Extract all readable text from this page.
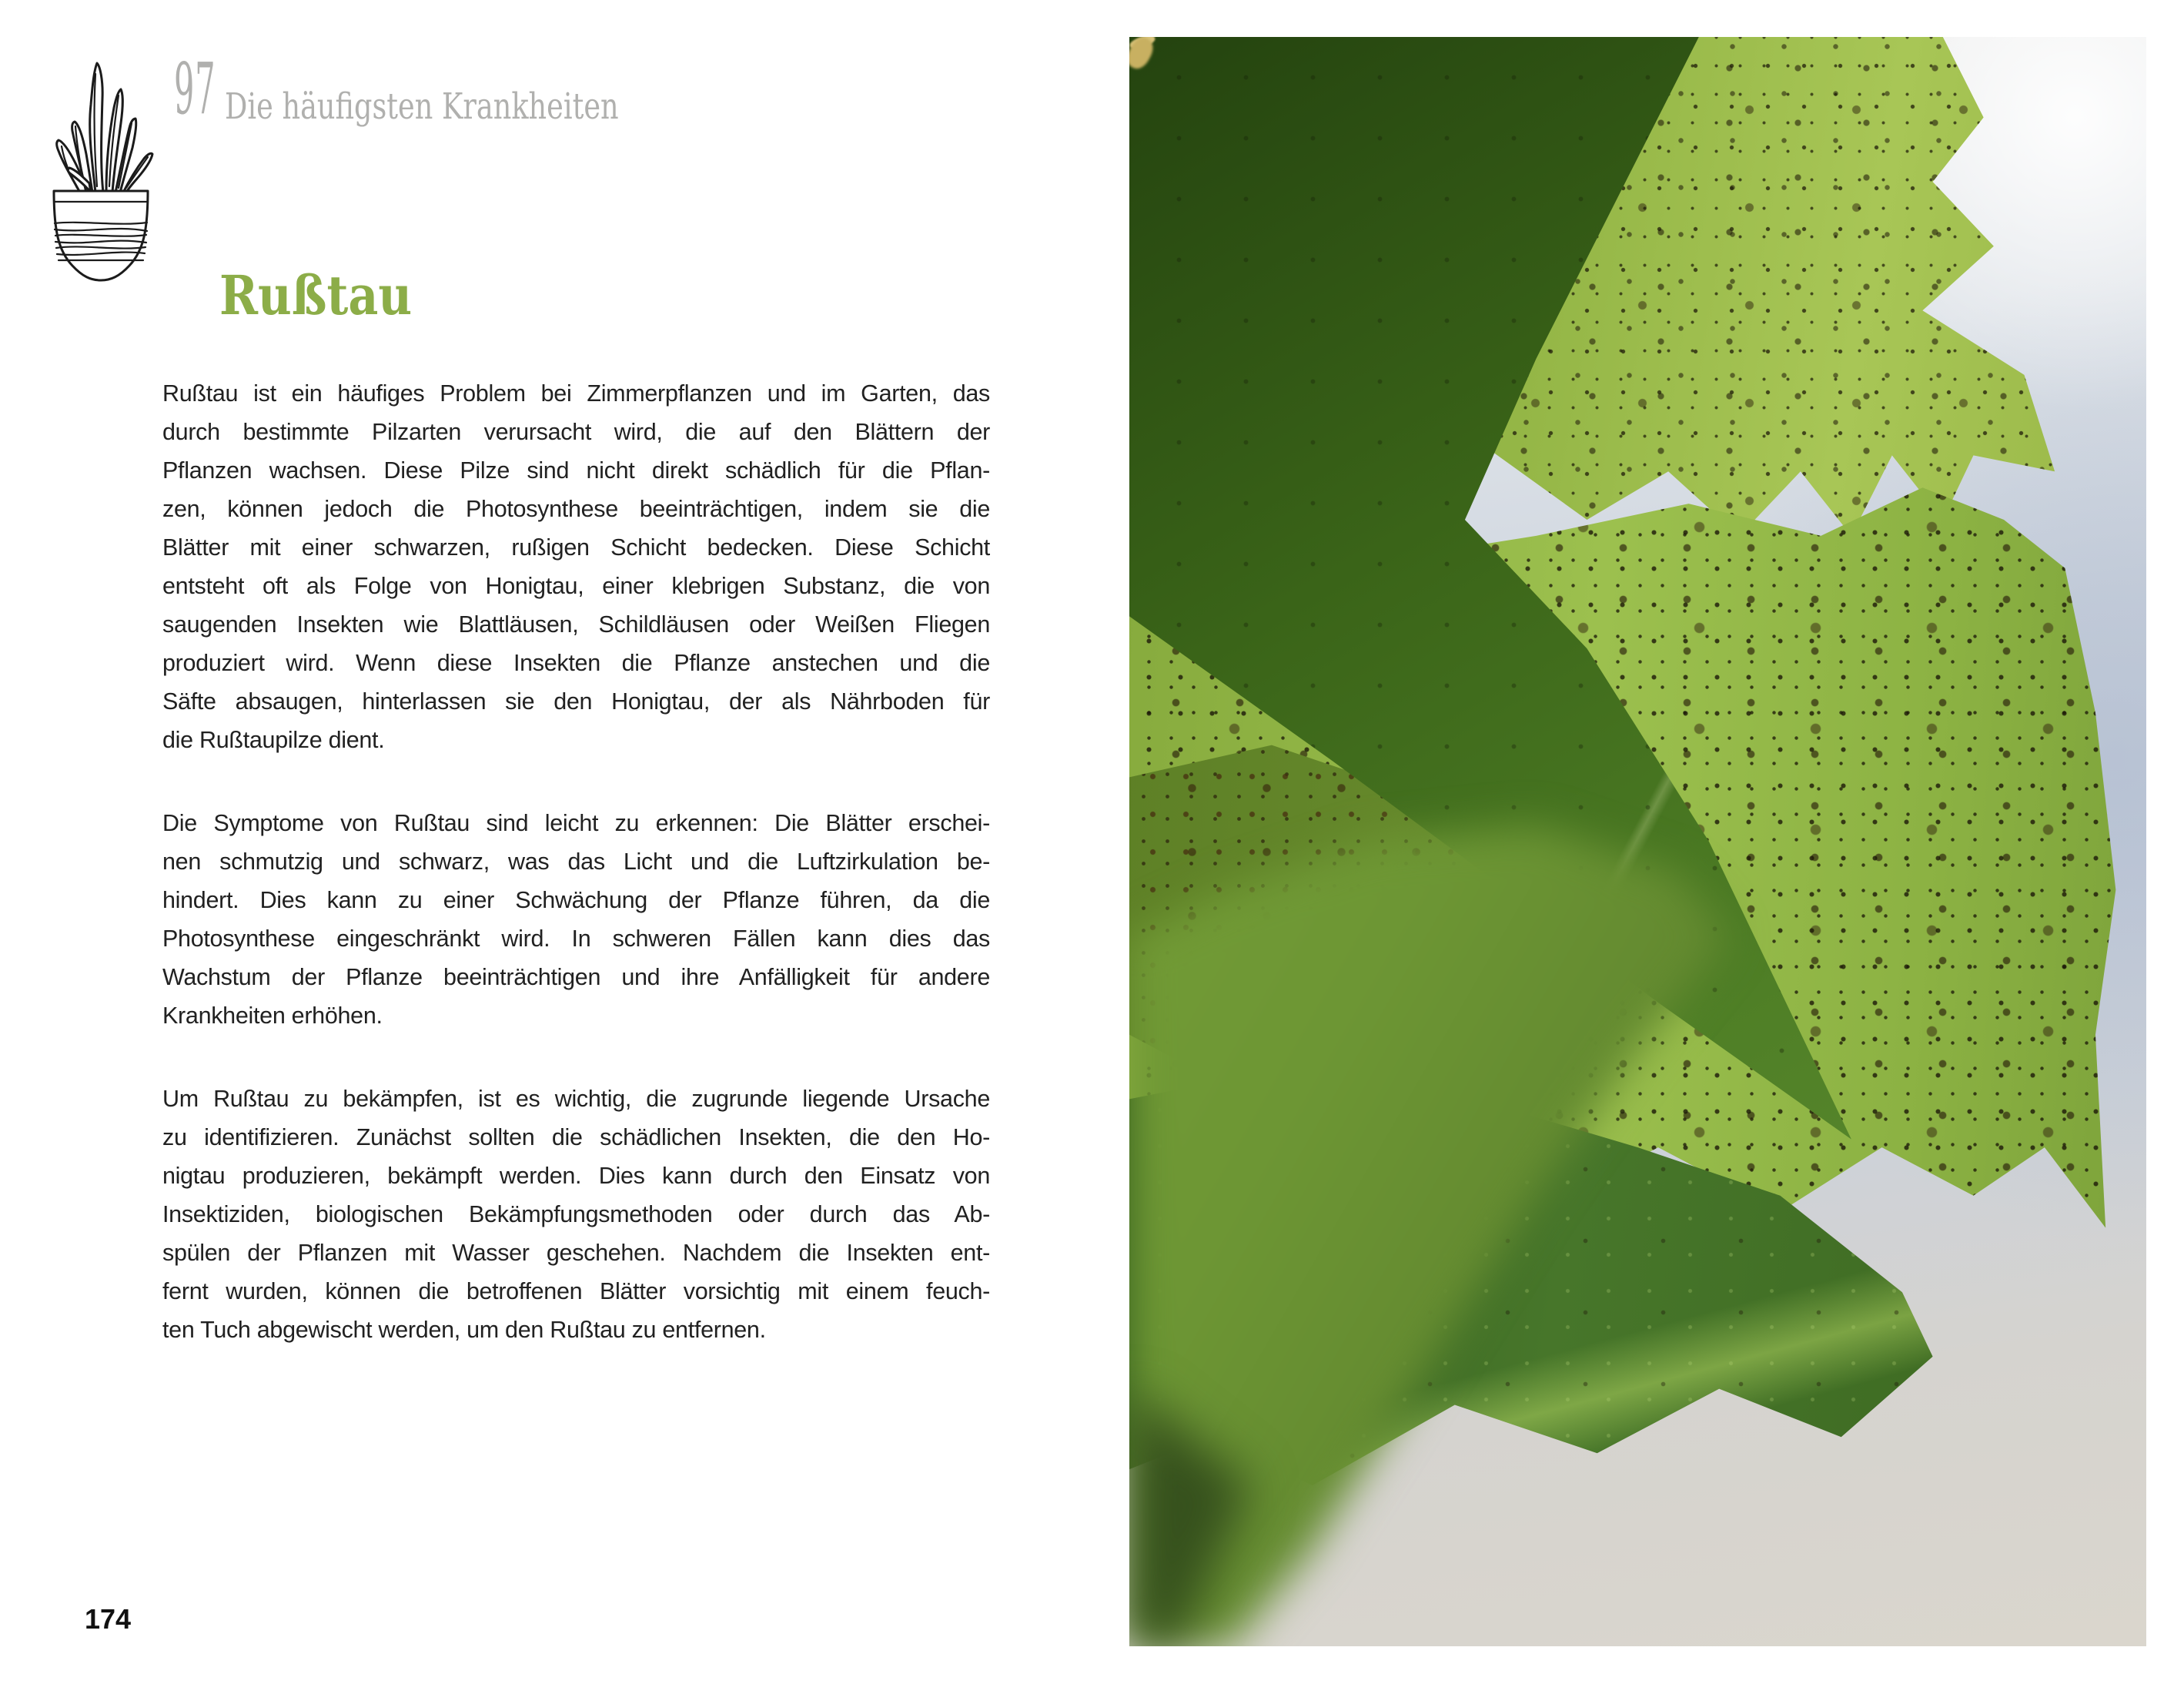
97 Die häufigsten Krankheiten
Rußtau
Rußtau ist ein häufiges Problem bei Zimmerpflanzen und im Garten, das
durch bestimmte Pilzarten verursacht wird, die auf den Blättern der
Pflanzen wachsen. Diese Pilze sind nicht direkt schädlich für die Pflan-
zen, können jedoch die Photosynthese beeinträchtigen, indem sie die
Blätter mit einer schwarzen, rußigen Schicht bedecken. Diese Schicht
entsteht oft als Folge von Honigtau, einer klebrigen Substanz, die von
saugenden Insekten wie Blattläusen, Schildläusen oder Weißen Fliegen
produziert wird. Wenn diese Insekten die Pflanze anstechen und die
Säfte absaugen, hinterlassen sie den Honigtau, der als Nährboden für
die Rußtaupilze dient.
Die Symptome von Rußtau sind leicht zu erkennen: Die Blätter erschei-
nen schmutzig und schwarz, was das Licht und die Luftzirkulation be-
hindert. Dies kann zu einer Schwächung der Pflanze führen, da die
Photosynthese eingeschränkt wird. In schweren Fällen kann dies das
Wachstum der Pflanze beeinträchtigen und ihre Anfälligkeit für andere
Krankheiten erhöhen.
Um Rußtau zu bekämpfen, ist es wichtig, die zugrunde liegende Ursache
zu identifizieren. Zunächst sollten die schädlichen Insekten, die den Ho-
nigtau produzieren, bekämpft werden. Dies kann durch den Einsatz von
Insektiziden, biologischen Bekämpfungsmethoden oder durch das Ab-
spülen der Pflanzen mit Wasser geschehen. Nachdem die Insekten ent-
fernt wurden, können die betroffenen Blätter vorsichtig mit einem feuch-
ten Tuch abgewischt werden, um den Rußtau zu entfernen.
174
